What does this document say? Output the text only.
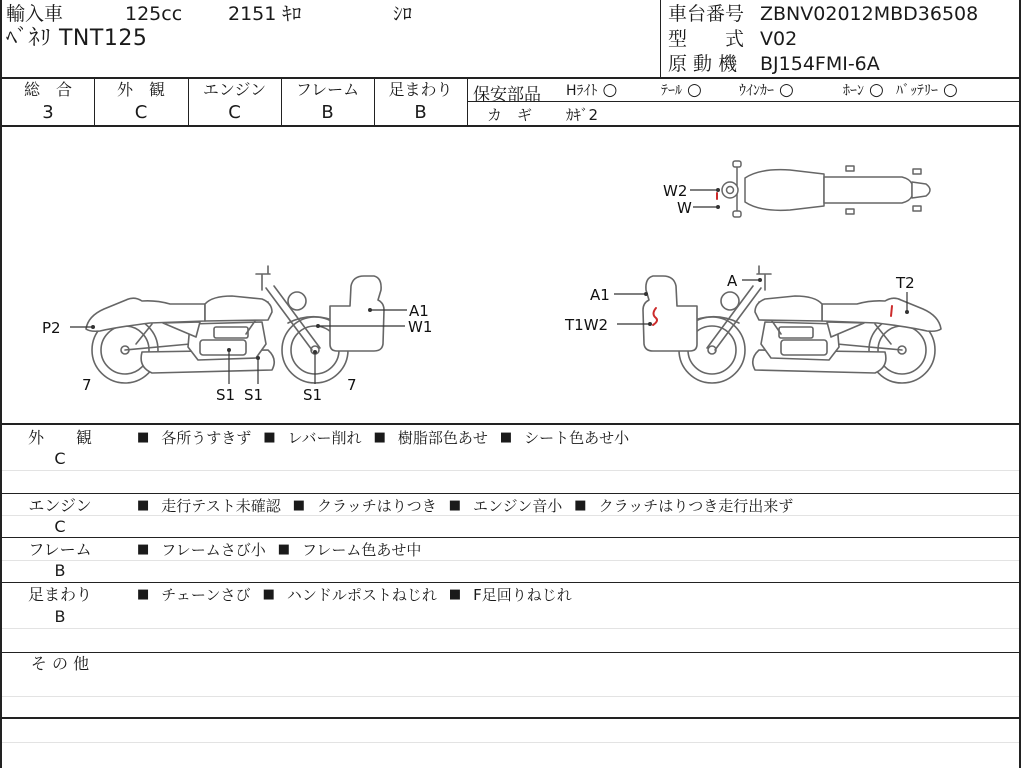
輸入車	125cc 2151 ｷﾛ	ｼﾛ
ﾍﾞﾈﾘ TNT125
車台番号 ZBNV02012MBD36508
型　　式 V02
原 動 機 BJ154FMI-6A
総　合
3
外　観
C
エンジン
C
フレーム
B
足まわり
B
保安部品 Hﾗｲﾄ ○	ﾃｰﾙ ○	ｳｲﾝｶｰ ○	ﾎｰﾝ ○ ﾊﾞｯﾃﾘｰ ○
カ　ギ ｶｷﾞ2
P2
A1
W1
S1 S1	S1
7	7
A1
T1W2
A	T2
W2
W
外　　観
C
■ 各所うすきず ■ レバー削れ ■ 樹脂部色あせ ■ シート色あせ小
エンジン
C
■ 走行テスト未確認 ■ クラッチはりつき ■ エンジン音小 ■ クラッチはりつき走行出来ず
フレーム
B
■ フレームさび小 ■ フレーム色あせ中
足まわり
B
■ チェーンさび ■ ハンドルポストねじれ ■ F足回りねじれ
そ の 他
